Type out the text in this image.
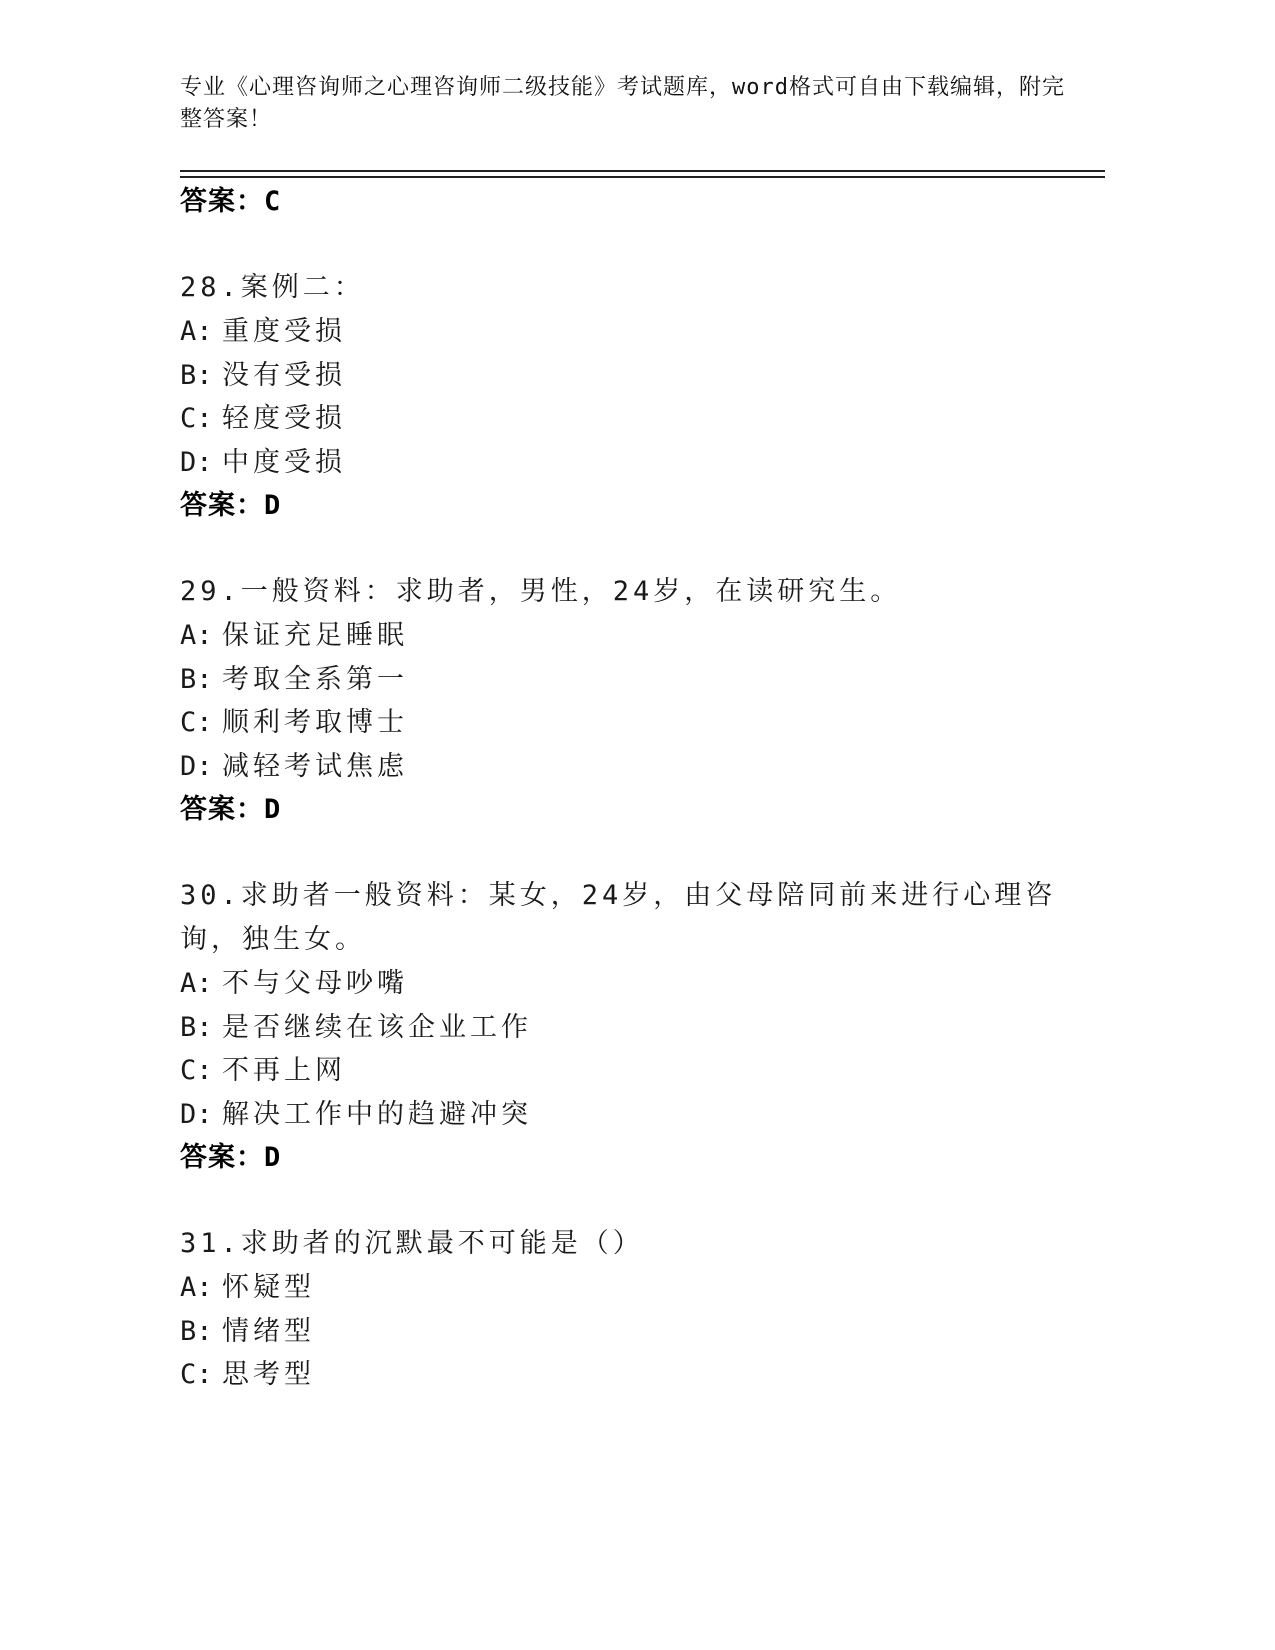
专业《心理咨询师之心理咨询师二级技能》考试题库，word格式可自由下载编辑，附完整答案！
答案：C
28.案例二：
A: 重度受损
B: 没有受损
C: 轻度受损
D: 中度受损
答案：D
29.一般资料：求助者，男性，24岁，在读研究生。
A: 保证充足睡眠
B: 考取全系第一
C: 顺利考取博士
D: 减轻考试焦虑
答案：D
30.求助者一般资料：某女，24岁，由父母陪同前来进行心理咨询，独生女。
A: 不与父母吵嘴
B: 是否继续在该企业工作
C: 不再上网
D: 解决工作中的趋避冲突
答案：D
31.求助者的沉默最不可能是（）
A: 怀疑型
B: 情绪型
C: 思考型
